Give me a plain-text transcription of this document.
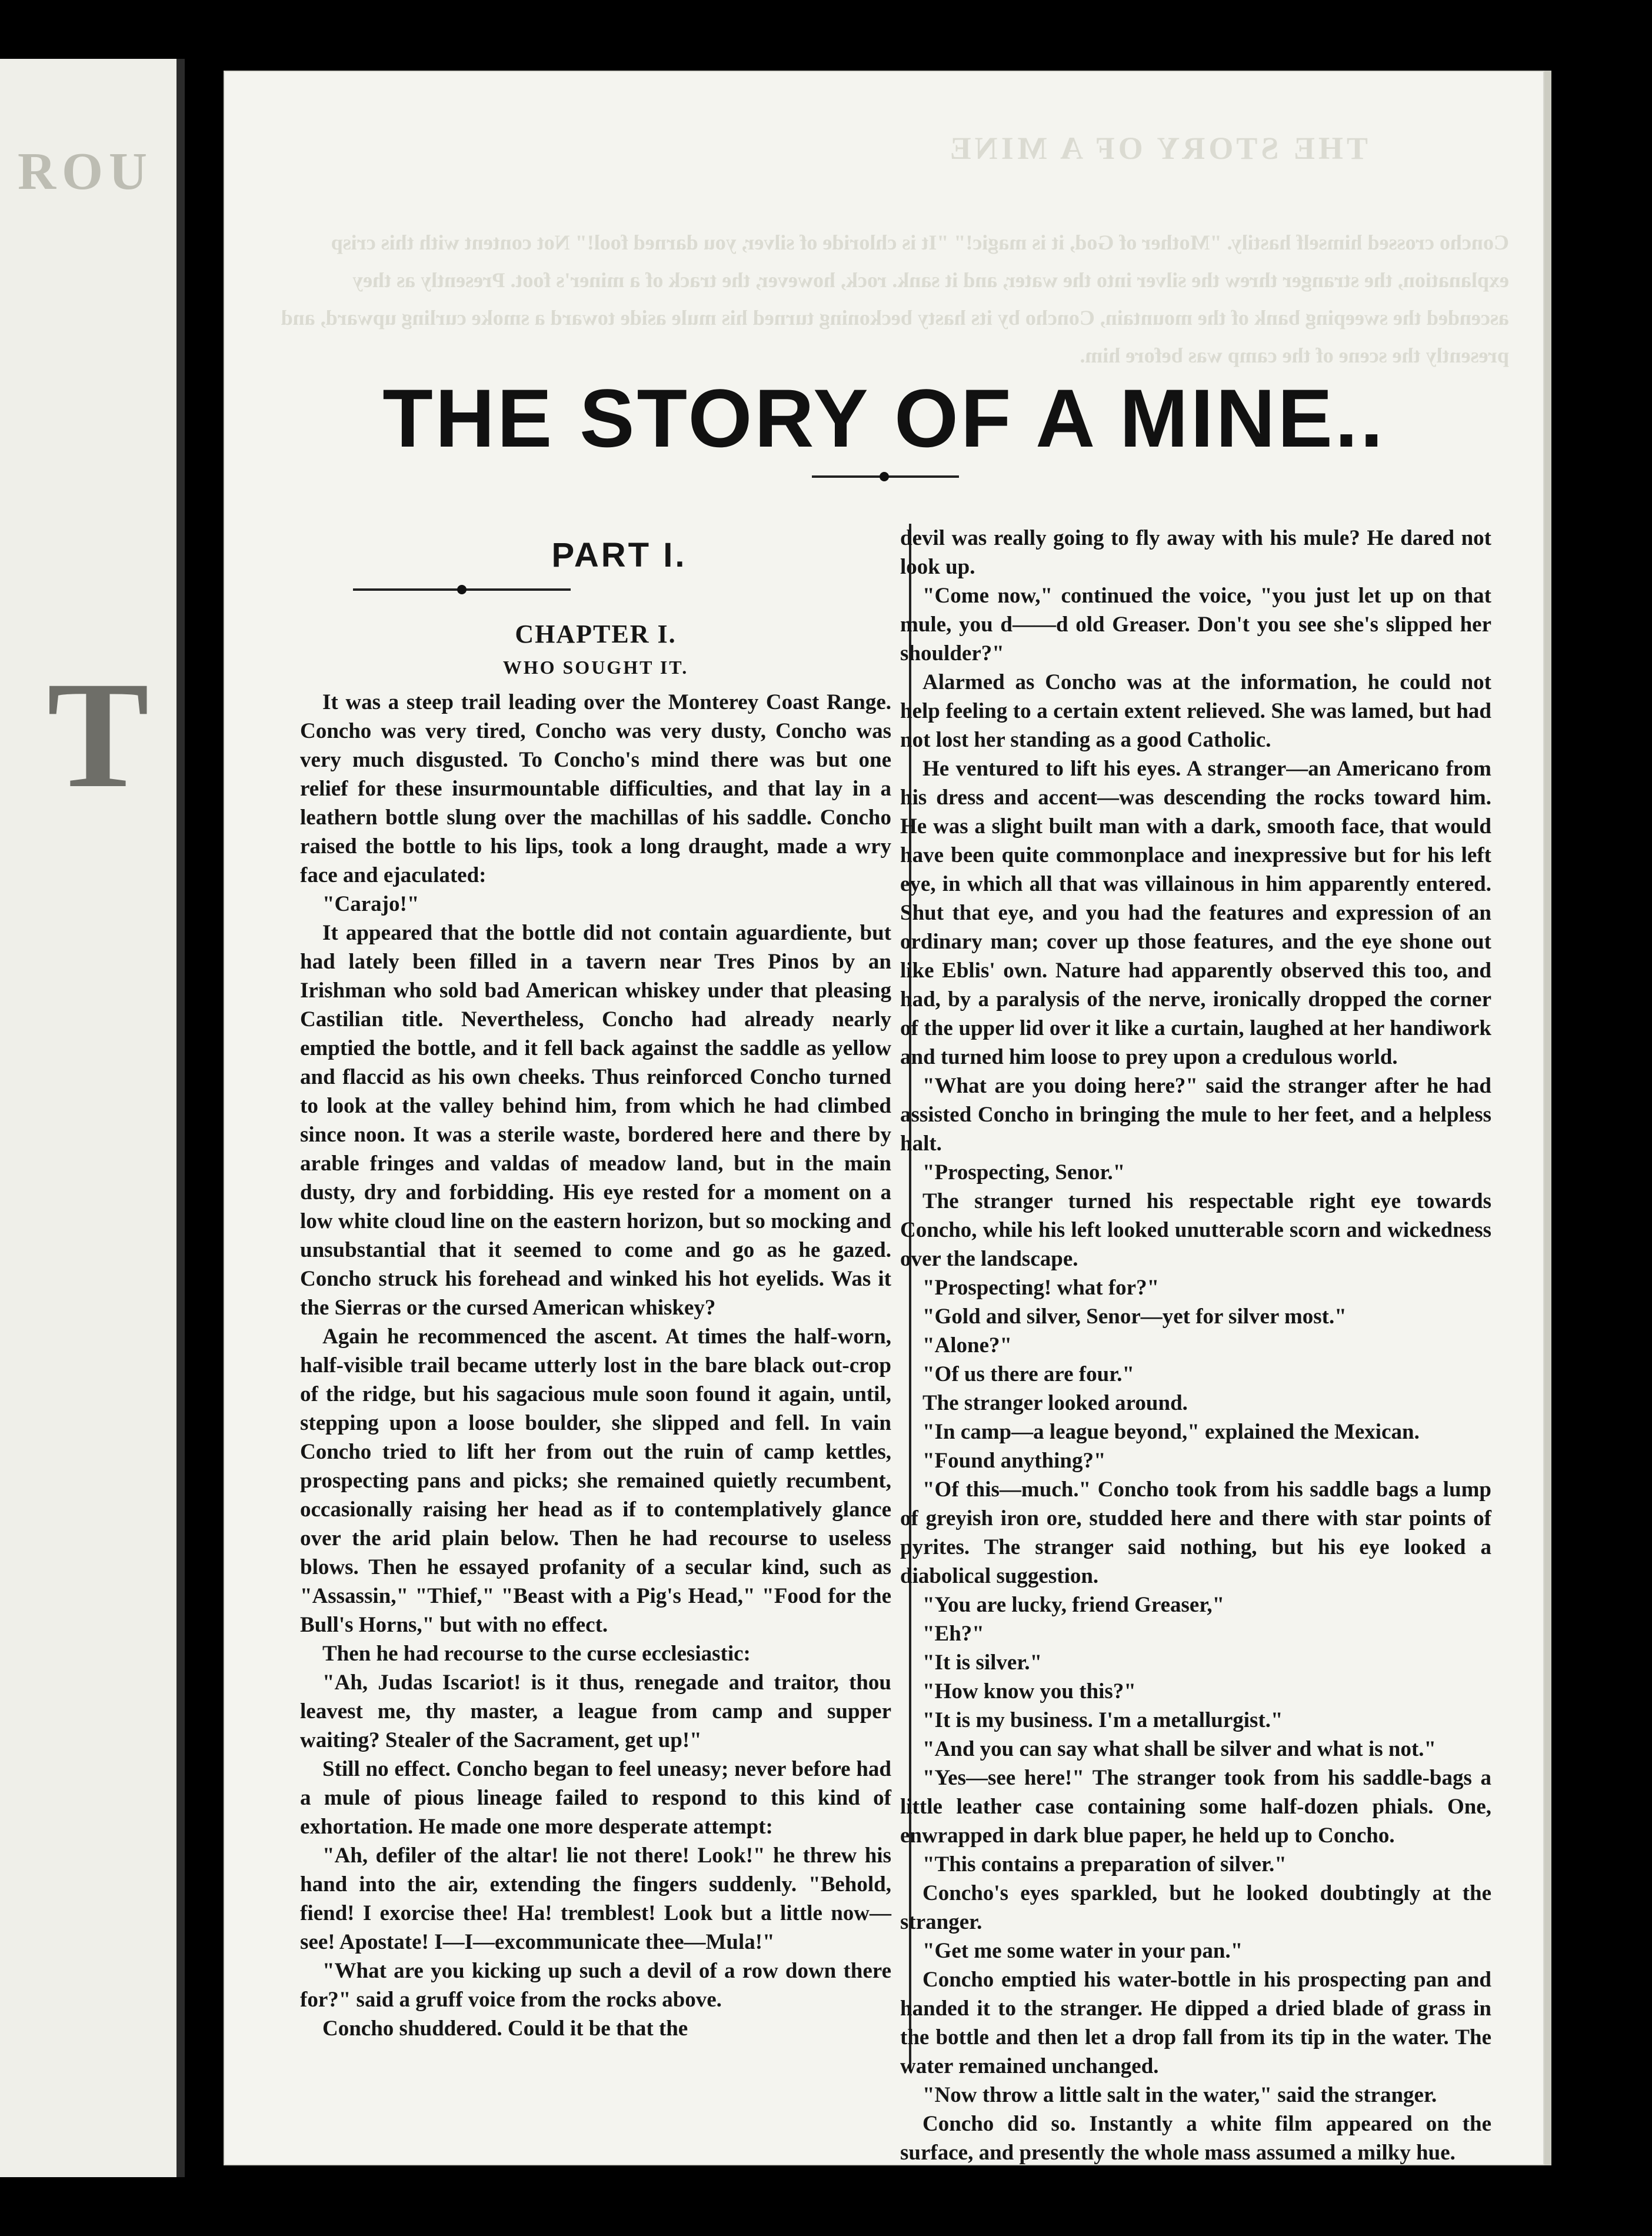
ROU
T
THE STORY OF A MINE
Concho crossed himself hastily. "Mother of God, it is magic!" "It is chloride of silver, you darned fool!" Not content with this crisp explanation, the stranger threw the silver into the water, and it sank. rock, however, the track of a miner's foot. Presently as they ascended the sweeping bank of the mountain, Concho by its hasty beckoning turned his mule aside toward a smoke curling upward, and presently the scene of the camp was before him.
THE STORY OF A MINE..
PART I.
CHAPTER I.
WHO SOUGHT IT.

It was a steep trail leading over the Monterey Coast Range. Concho was very tired, Concho was very dusty, Concho was very much disgusted. To Concho's mind there was but one relief for these insurmountable difficulties, and that lay in a leathern bottle slung over the machillas of his saddle. Concho raised the bottle to his lips, took a long draught, made a wry face and ejaculated:

"Carajo!"

It appeared that the bottle did not contain aguardiente, but had lately been filled in a tavern near Tres Pinos by an Irishman who sold bad American whiskey under that pleasing Castilian title. Nevertheless, Concho had already nearly emptied the bottle, and it fell back against the saddle as yellow and flaccid as his own cheeks. Thus reinforced Concho turned to look at the valley behind him, from which he had climbed since noon. It was a sterile waste, bordered here and there by arable fringes and valdas of meadow land, but in the main dusty, dry and forbidding. His eye rested for a moment on a low white cloud line on the eastern horizon, but so mocking and unsubstantial that it seemed to come and go as he gazed. Concho struck his forehead and winked his hot eyelids. Was it the Sierras or the cursed American whiskey?

Again he recommenced the ascent. At times the half-worn, half-visible trail became utterly lost in the bare black out-crop of the ridge, but his sagacious mule soon found it again, until, stepping upon a loose boulder, she slipped and fell. In vain Concho tried to lift her from out the ruin of camp kettles, prospecting pans and picks; she remained quietly recumbent, occasionally raising her head as if to contemplatively glance over the arid plain below. Then he had recourse to useless blows. Then he essayed profanity of a secular kind, such as "Assassin," "Thief," "Beast with a Pig's Head," "Food for the Bull's Horns," but with no effect.

Then he had recourse to the curse ecclesiastic:

"Ah, Judas Iscariot! is it thus, renegade and traitor, thou leavest me, thy master, a league from camp and supper waiting? Stealer of the Sacrament, get up!"

Still no effect. Concho began to feel uneasy; never before had a mule of pious lineage failed to respond to this kind of exhortation. He made one more desperate attempt:

"Ah, defiler of the altar! lie not there! Look!" he threw his hand into the air, extending the fingers suddenly. "Behold, fiend! I exorcise thee! Ha! tremblest! Look but a little now—see! Apostate! I—I—excommunicate thee—Mula!"

"What are you kicking up such a devil of a row down there for?" said a gruff voice from the rocks above.

Concho shuddered. Could it be that the

devil was really going to fly away with his mule? He dared not look up.

"Come now," continued the voice, "you just let up on that mule, you d——d old Greaser. Don't you see she's slipped her shoulder?"

Alarmed as Concho was at the information, he could not help feeling to a certain extent relieved. She was lamed, but had not lost her standing as a good Catholic.

He ventured to lift his eyes. A stranger—an Americano from his dress and accent—was descending the rocks toward him. He was a slight built man with a dark, smooth face, that would have been quite commonplace and inexpressive but for his left eye, in which all that was villainous in him apparently entered. Shut that eye, and you had the features and expression of an ordinary man; cover up those features, and the eye shone out like Eblis' own. Nature had apparently observed this too, and had, by a paralysis of the nerve, ironically dropped the corner of the upper lid over it like a curtain, laughed at her handiwork and turned him loose to prey upon a credulous world.

"What are you doing here?" said the stranger after he had assisted Concho in bringing the mule to her feet, and a helpless halt.

"Prospecting, Senor."

The stranger turned his respectable right eye towards Concho, while his left looked unutterable scorn and wickedness over the landscape.

"Prospecting! what for?"

"Gold and silver, Senor—yet for silver most."

"Alone?"

"Of us there are four."

The stranger looked around.

"In camp—a league beyond," explained the Mexican.

"Found anything?"

"Of this—much." Concho took from his saddle bags a lump of greyish iron ore, studded here and there with star points of pyrites. The stranger said nothing, but his eye looked a diabolical suggestion.

"You are lucky, friend Greaser,"

"Eh?"

"It is silver."

"How know you this?"

"It is my business. I'm a metallurgist."

"And you can say what shall be silver and what is not."

"Yes—see here!" The stranger took from his saddle-bags a little leather case containing some half-dozen phials. One, enwrapped in dark blue paper, he held up to Concho.

"This contains a preparation of silver."

Concho's eyes sparkled, but he looked doubtingly at the stranger.

"Get me some water in your pan."

Concho emptied his water-bottle in his prospecting pan and handed it to the stranger. He dipped a dried blade of grass in the bottle and then let a drop fall from its tip in the water. The water remained unchanged.

"Now throw a little salt in the water," said the stranger.

Concho did so. Instantly a white film appeared on the surface, and presently the whole mass assumed a milky hue.
